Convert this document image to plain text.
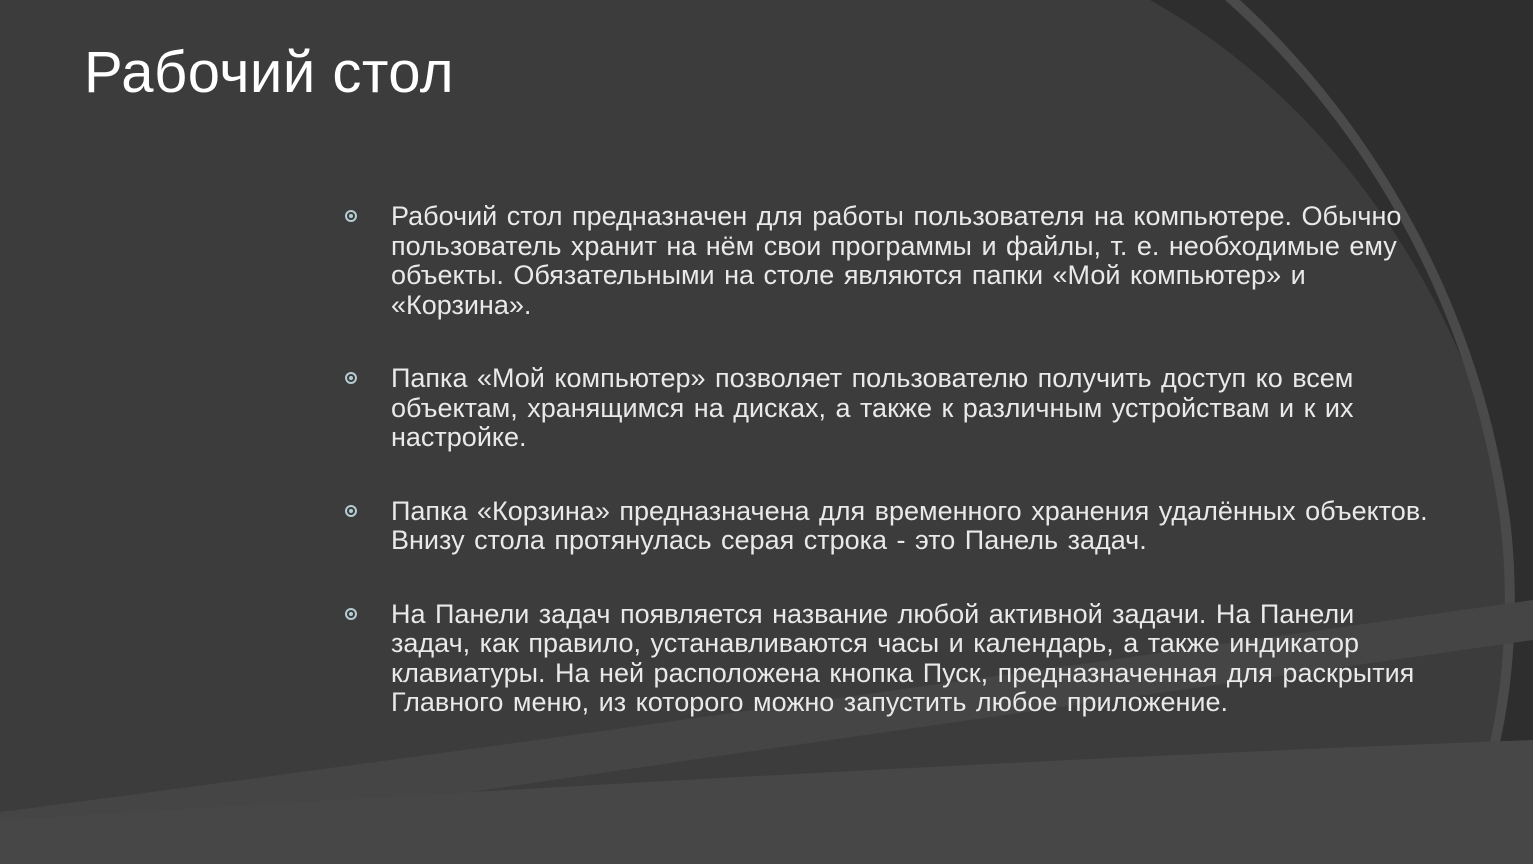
Рабочий стол
Рабочий стол предназначен для работы пользователя на компьютере. Обычно пользователь хранит на нём свои программы и файлы, т. е. необходимые ему объекты. Обязательными на столе являются папки «Мой компьютер» и «Корзина».
Папка «Мой компьютер» позволяет пользователю получить доступ ко всем объектам, хранящимся на дисках, а также к различным устройствам и к их настройке.
Папка «Корзина» предназначена для временного хранения удалённых объектов. Внизу стола протянулась серая строка - это Панель задач.
На Панели задач появляется название любой активной задачи. На Панели задач, как правило, устанавливаются часы и календарь, а также индикатор клавиатуры. На ней расположена кнопка Пуск, предназначенная для раскрытия Главного меню, из которого можно запустить любое приложение.
